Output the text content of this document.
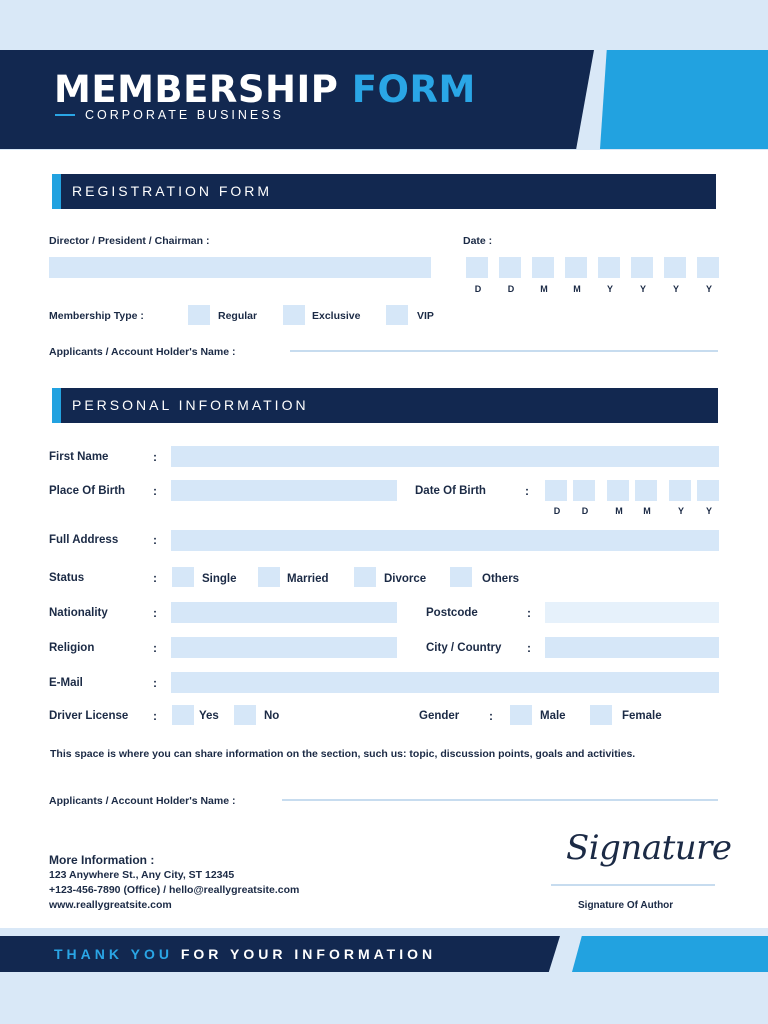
MEMBERSHIP FORM
CORPORATE BUSINESS
REGISTRATION FORM
Director / President / Chairman :	Date :
D	D	M	M	Y	Y	Y	Y
Membership Type :	Regular	Exclusive	VIP
Applicants / Account Holder's Name :
PERSONAL INFORMATION
First Name	:
Place Of Birth :	Date Of Birth	:
D	D	M	M	Y	Y
Full Address	:
Status	:	Single	Married	Divorce	Others
Nationality	:	Postcode	:
Religion	:	City / Country :
E-Mail	:
Driver License :	Yes	No	Gender :	Male	Female
This space is where you can share information on the section, such us: topic, discussion points, goals and activities.
Applicants / Account Holder's Name :
More Information :
123 Anywhere St., Any City, ST 12345
+123-456-7890 (Office) / hello@reallygreatsite.com
www.reallygreatsite.com
Signature
Signature Of Author
THANK YOU FOR YOUR INFORMATION
